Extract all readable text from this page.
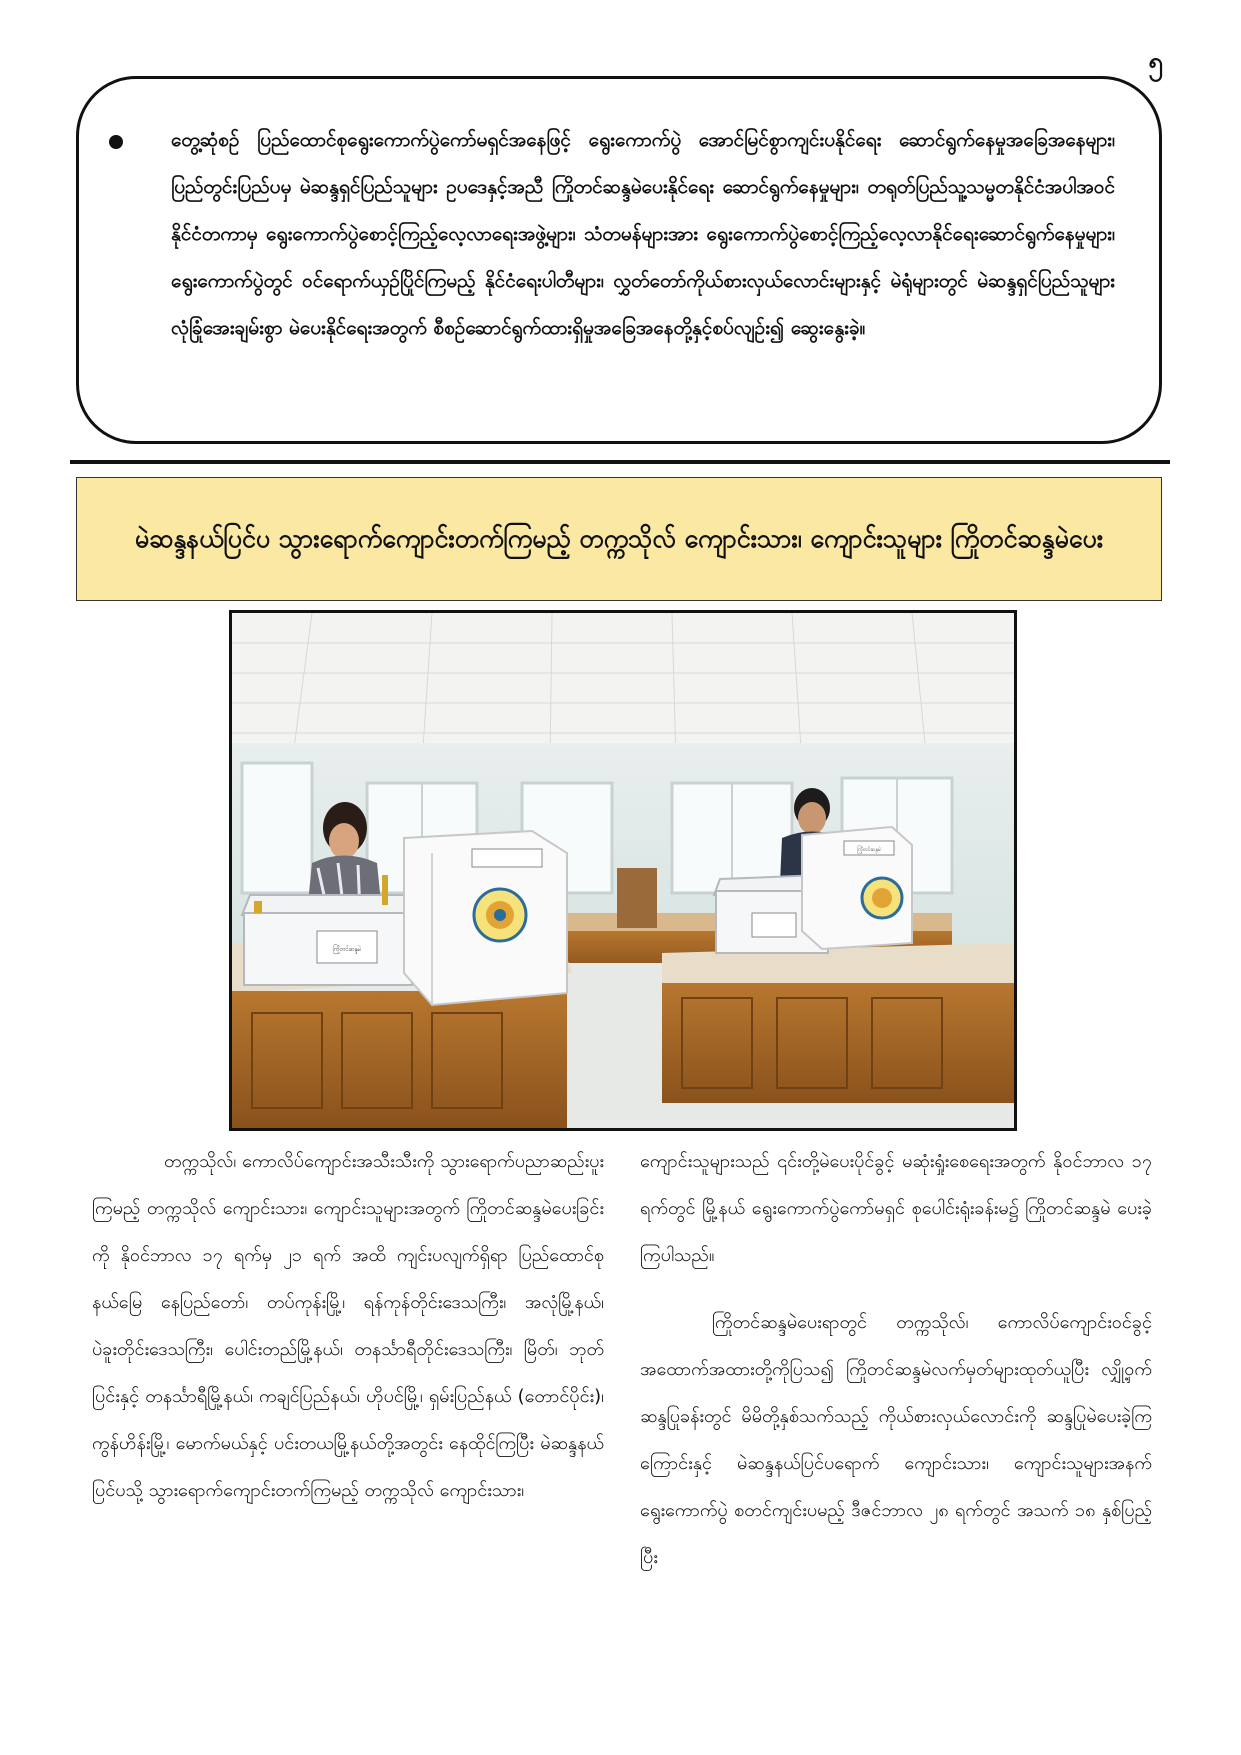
၅

တွေ့ဆုံစဉ် ပြည်ထောင်စုရွေးကောက်ပွဲကော်မရှင်အနေဖြင့် ရွေးကောက်ပွဲ အောင်မြင်စွာကျင်းပနိုင်ရေး ဆောင်ရွက်နေမှုအခြေအနေများ၊ ပြည်တွင်းပြည်ပမှ မဲဆန္ဒရှင်ပြည်သူများ ဥပဒေနှင့်အညီ ကြိုတင်ဆန္ဒမဲပေးနိုင်ရေး ဆောင်ရွက်နေမှုများ၊ တရုတ်ပြည်သူ့သမ္မတနိုင်ငံအပါအဝင် နိုင်ငံတကာမှ ရွေးကောက်ပွဲစောင့်ကြည့်လေ့လာရေးအဖွဲ့များ၊ သံတမန်များအား ရွေးကောက်ပွဲစောင့်ကြည့်လေ့လာနိုင်ရေးဆောင်ရွက်နေမှုများ၊ ရွေးကောက်ပွဲတွင် ဝင်ရောက်ယှဉ်ပြိုင်ကြမည့် နိုင်ငံရေးပါတီများ၊ လွှတ်တော်ကိုယ်စားလှယ်လောင်းများနှင့် မဲရုံများတွင် မဲဆန္ဒရှင်ပြည်သူများ လုံခြုံအေးချမ်းစွာ မဲပေးနိုင်ရေးအတွက် စီစဉ်ဆောင်ရွက်ထားရှိမှုအခြေအနေတို့နှင့်စပ်လျဉ်း၍ ဆွေးနွေးခဲ့။

မဲဆန္ဒနယ်ပြင်ပ သွားရောက်ကျောင်းတက်ကြမည့် တက္ကသိုလ် ကျောင်းသား၊ ကျောင်းသူများ ကြိုတင်ဆန္ဒမဲပေး

ကြိုတင်ဆန္ဒမဲ
ကြိုတင်ဆန္ဒမဲ

တက္ကသိုလ်၊ ကောလိပ်ကျောင်းအသီးသီးကို သွားရောက်ပညာဆည်းပူးကြမည့် တက္ကသိုလ် ကျောင်းသား၊ ကျောင်းသူများအတွက် ကြိုတင်ဆန္ဒမဲပေးခြင်းကို နိုဝင်ဘာလ ၁၇ ရက်မှ ၂၁ ရက် အထိ ကျင်းပလျက်ရှိရာ ပြည်ထောင်စုနယ်မြေ နေပြည်တော်၊ တပ်ကုန်းမြို့၊ ရန်ကုန်တိုင်းဒေသကြီး၊ အလုံမြို့နယ်၊ ပဲခူးတိုင်းဒေသကြီး၊ ပေါင်းတည်မြို့နယ်၊ တနင်္သာရီတိုင်းဒေသကြီး၊ မြိတ်၊ ဘုတ်ပြင်းနှင့် တနင်္သာရီမြို့နယ်၊ ကချင်ပြည်နယ်၊ ဟိုပင်မြို့၊ ရှမ်းပြည်နယ် (တောင်ပိုင်း)၊ ကွန်ဟိန်းမြို့၊ မောက်မယ်နှင့် ပင်းတယမြို့နယ်တို့အတွင်း နေထိုင်ကြပြီး မဲဆန္ဒနယ်ပြင်ပသို့ သွားရောက်ကျောင်းတက်ကြမည့် တက္ကသိုလ် ကျောင်းသား၊

ကျောင်းသူများသည် ၎င်းတို့မဲပေးပိုင်ခွင့် မဆုံးရှုံးစေရေးအတွက် နိုဝင်ဘာလ ၁၇ ရက်တွင် မြို့နယ် ရွေးကောက်ပွဲကော်မရှင် စုပေါင်းရုံးခန်းမ၌ ကြိုတင်ဆန္ဒမဲ ပေးခဲ့ကြပါသည်။

ကြိုတင်ဆန္ဒမဲပေးရာတွင် တက္ကသိုလ်၊ ကောလိပ်ကျောင်းဝင်ခွင့်အထောက်အထားတို့ကိုပြသ၍ ကြိုတင်ဆန္ဒမဲလက်မှတ်များထုတ်ယူပြီး လျှို့ဝှက်ဆန္ဒပြုခန်းတွင် မိမိတို့နှစ်သက်သည့် ကိုယ်စားလှယ်လောင်းကို ဆန္ဒပြုမဲပေးခဲ့ကြကြောင်းနှင့် မဲဆန္ဒနယ်ပြင်ပရောက် ကျောင်းသား၊ ကျောင်းသူများအနက် ရွေးကောက်ပွဲ စတင်ကျင်းပမည့် ဒီဇင်ဘာလ ၂၈ ရက်တွင် အသက် ၁၈ နှစ်ပြည့်ပြီး
